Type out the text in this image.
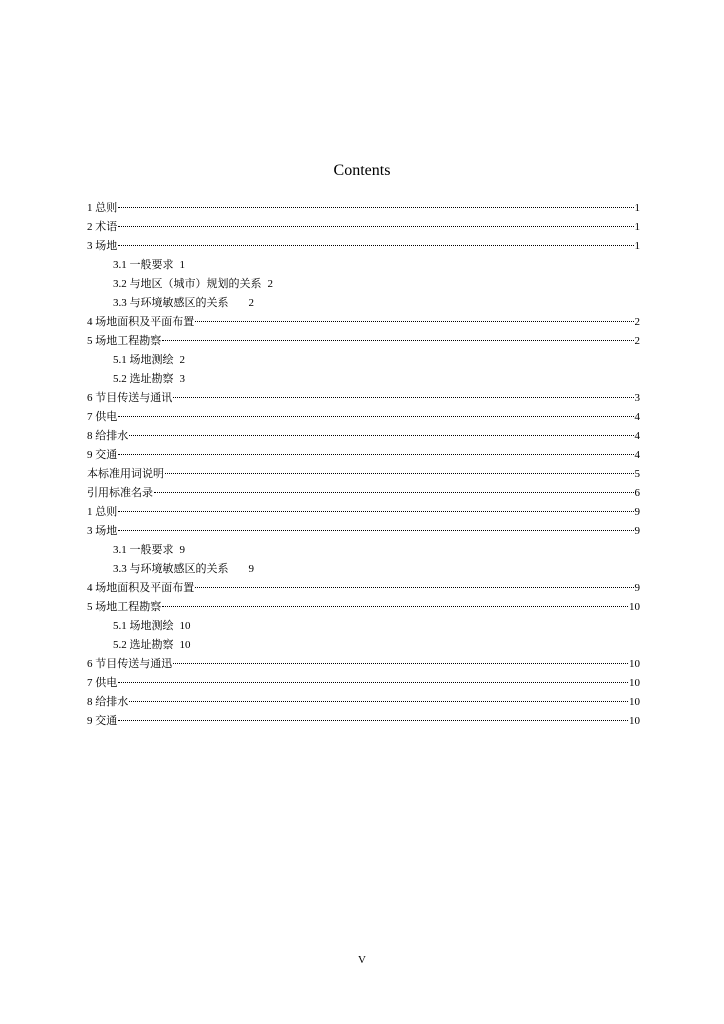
Contents
1 总则	1
2 术语	1
3 场地	1
3.1 一般要求 1
3.2 与地区（城市）规划的关系 2
3.3 与环境敏感区的关系 2
4 场地面积及平面布置	2
5 场地工程勘察	2
5.1 场地测绘 2
5.2 选址勘察 3
6 节目传送与通讯	3
7 供电	4
8 给排水	4
9 交通	4
本标准用词说明	5
引用标准名录	6
1 总则	9
3 场地	9
3.1 一般要求 9
3.3 与环境敏感区的关系 9
4 场地面积及平面布置	9
5 场地工程勘察	10
5.1 场地测绘 10
5.2 选址勘察 10
6 节目传送与通迅	10
7 供电	10
8 给排水	10
9 交通	10
V
